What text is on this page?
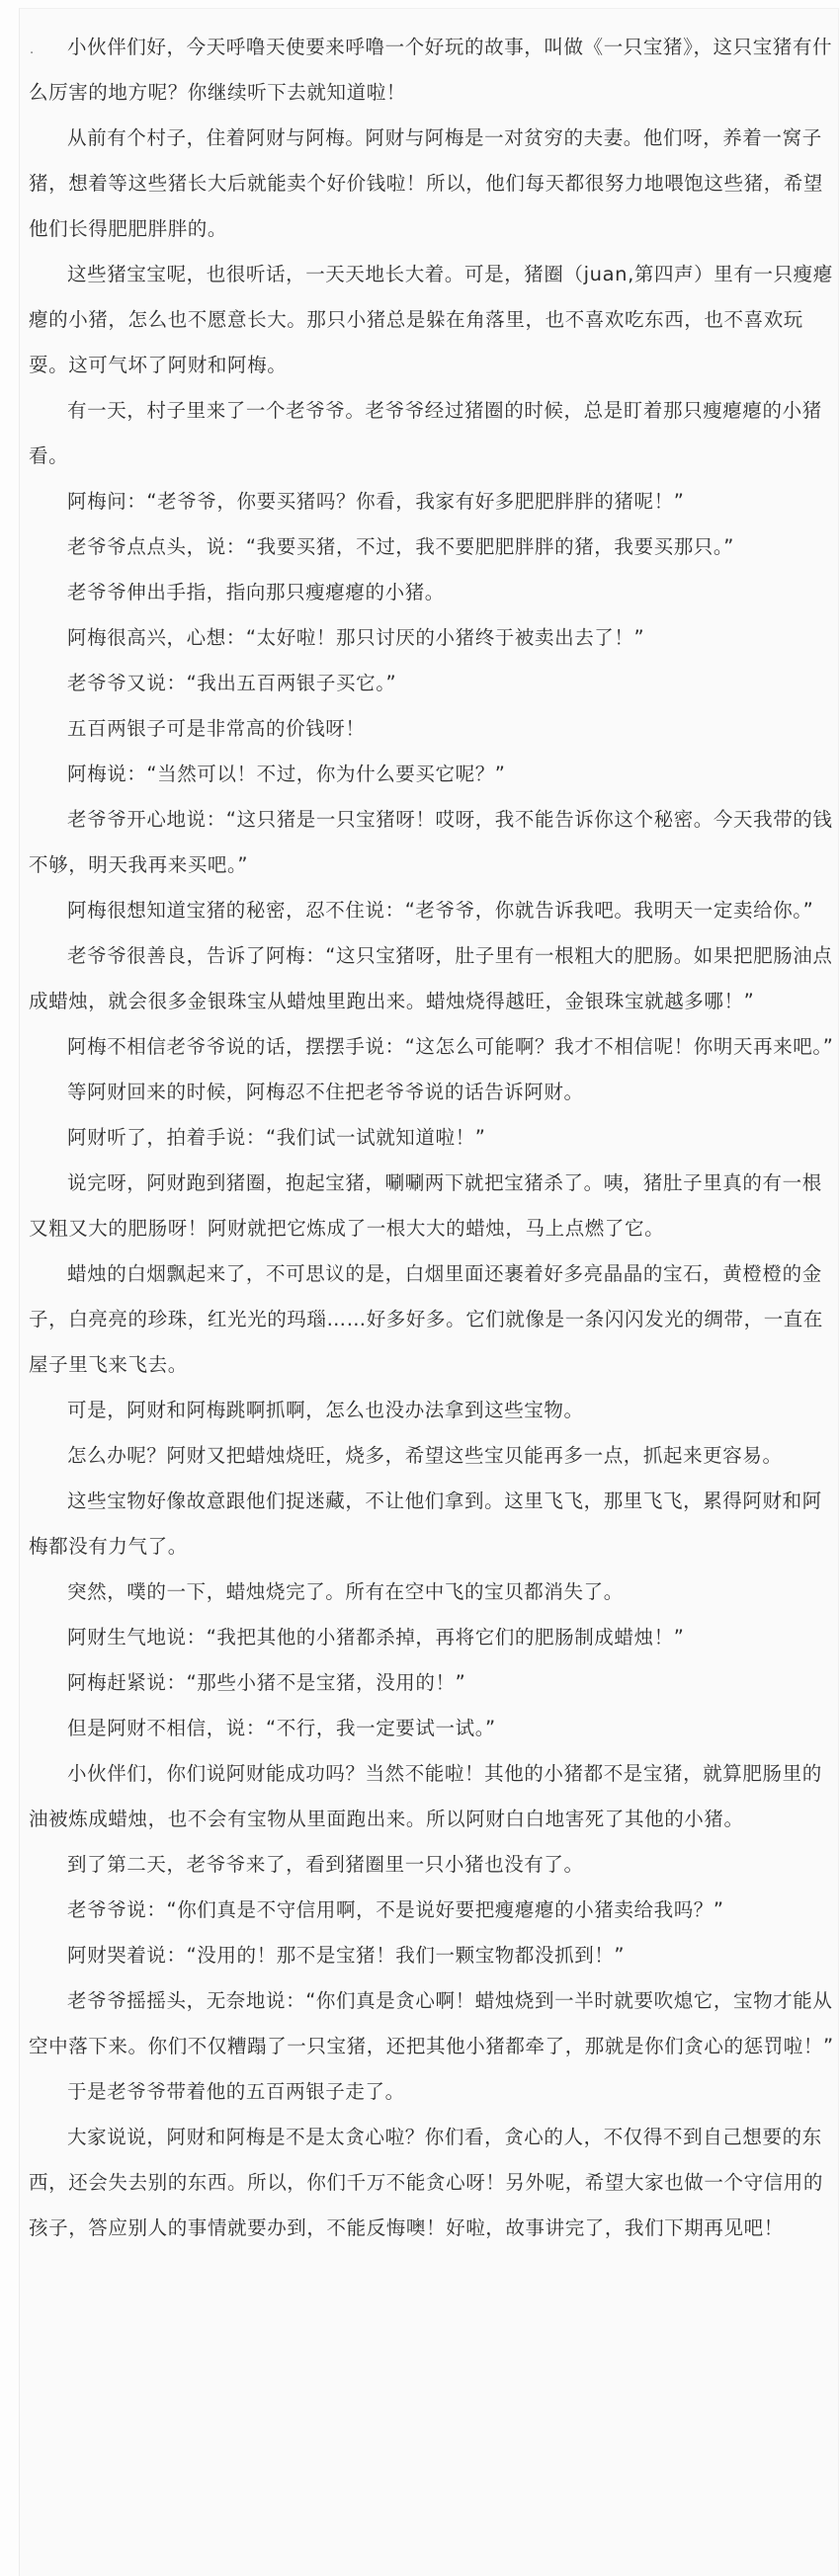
.	小伙伴们好，今天呼噜天使要来呼噜一个好玩的故事，叫做《一只宝猪》，这只宝猪有什么厉害的地方呢？你继续听下去就知道啦！

从前有个村子，住着阿财与阿梅。阿财与阿梅是一对贫穷的夫妻。他们呀，养着一窝子猪，想着等这些猪长大后就能卖个好价钱啦！所以，他们每天都很努力地喂饱这些猪，希望他们长得肥肥胖胖的。

这些猪宝宝呢，也很听话，一天天地长大着。可是，猪圈（juan,第四声）里有一只瘦瘪瘪的小猪，怎么也不愿意长大。那只小猪总是躲在角落里，也不喜欢吃东西，也不喜欢玩耍。这可气坏了阿财和阿梅。

有一天，村子里来了一个老爷爷。老爷爷经过猪圈的时候，总是盯着那只瘦瘪瘪的小猪看。

阿梅问：“老爷爷，你要买猪吗？你看，我家有好多肥肥胖胖的猪呢！”

老爷爷点点头，说：“我要买猪，不过，我不要肥肥胖胖的猪，我要买那只。”

老爷爷伸出手指，指向那只瘦瘪瘪的小猪。

阿梅很高兴，心想：“太好啦！那只讨厌的小猪终于被卖出去了！”

老爷爷又说：“我出五百两银子买它。”

五百两银子可是非常高的价钱呀！

阿梅说：“当然可以！不过，你为什么要买它呢？”

老爷爷开心地说：“这只猪是一只宝猪呀！哎呀，我不能告诉你这个秘密。今天我带的钱不够，明天我再来买吧。”

阿梅很想知道宝猪的秘密，忍不住说：“老爷爷，你就告诉我吧。我明天一定卖给你。”

老爷爷很善良，告诉了阿梅：“这只宝猪呀，肚子里有一根粗大的肥肠。如果把肥肠油点成蜡烛，就会很多金银珠宝从蜡烛里跑出来。蜡烛烧得越旺，金银珠宝就越多哪！”

阿梅不相信老爷爷说的话，摆摆手说：“这怎么可能啊？我才不相信呢！你明天再来吧。”

等阿财回来的时候，阿梅忍不住把老爷爷说的话告诉阿财。

阿财听了，拍着手说：“我们试一试就知道啦！”

说完呀，阿财跑到猪圈，抱起宝猪，唰唰两下就把宝猪杀了。咦，猪肚子里真的有一根又粗又大的肥肠呀！阿财就把它炼成了一根大大的蜡烛，马上点燃了它。

蜡烛的白烟飘起来了，不可思议的是，白烟里面还裹着好多亮晶晶的宝石，黄橙橙的金子，白亮亮的珍珠，红光光的玛瑙……好多好多。它们就像是一条闪闪发光的绸带，一直在屋子里飞来飞去。

可是，阿财和阿梅跳啊抓啊，怎么也没办法拿到这些宝物。

怎么办呢？阿财又把蜡烛烧旺，烧多，希望这些宝贝能再多一点，抓起来更容易。

这些宝物好像故意跟他们捉迷藏，不让他们拿到。这里飞飞，那里飞飞，累得阿财和阿梅都没有力气了。

突然，噗的一下，蜡烛烧完了。所有在空中飞的宝贝都消失了。

阿财生气地说：“我把其他的小猪都杀掉，再将它们的肥肠制成蜡烛！”

阿梅赶紧说：“那些小猪不是宝猪，没用的！”

但是阿财不相信，说：“不行，我一定要试一试。”

小伙伴们，你们说阿财能成功吗？当然不能啦！其他的小猪都不是宝猪，就算肥肠里的油被炼成蜡烛，也不会有宝物从里面跑出来。所以阿财白白地害死了其他的小猪。

到了第二天，老爷爷来了，看到猪圈里一只小猪也没有了。

老爷爷说：“你们真是不守信用啊，不是说好要把瘦瘪瘪的小猪卖给我吗？”

阿财哭着说：“没用的！那不是宝猪！我们一颗宝物都没抓到！”

老爷爷摇摇头，无奈地说：“你们真是贪心啊！蜡烛烧到一半时就要吹熄它，宝物才能从空中落下来。你们不仅糟蹋了一只宝猪，还把其他小猪都牵了，那就是你们贪心的惩罚啦！”

于是老爷爷带着他的五百两银子走了。

大家说说，阿财和阿梅是不是太贪心啦？你们看，贪心的人，不仅得不到自己想要的东西，还会失去别的东西。所以，你们千万不能贪心呀！另外呢，希望大家也做一个守信用的孩子，答应别人的事情就要办到，不能反悔噢！好啦，故事讲完了，我们下期再见吧！
